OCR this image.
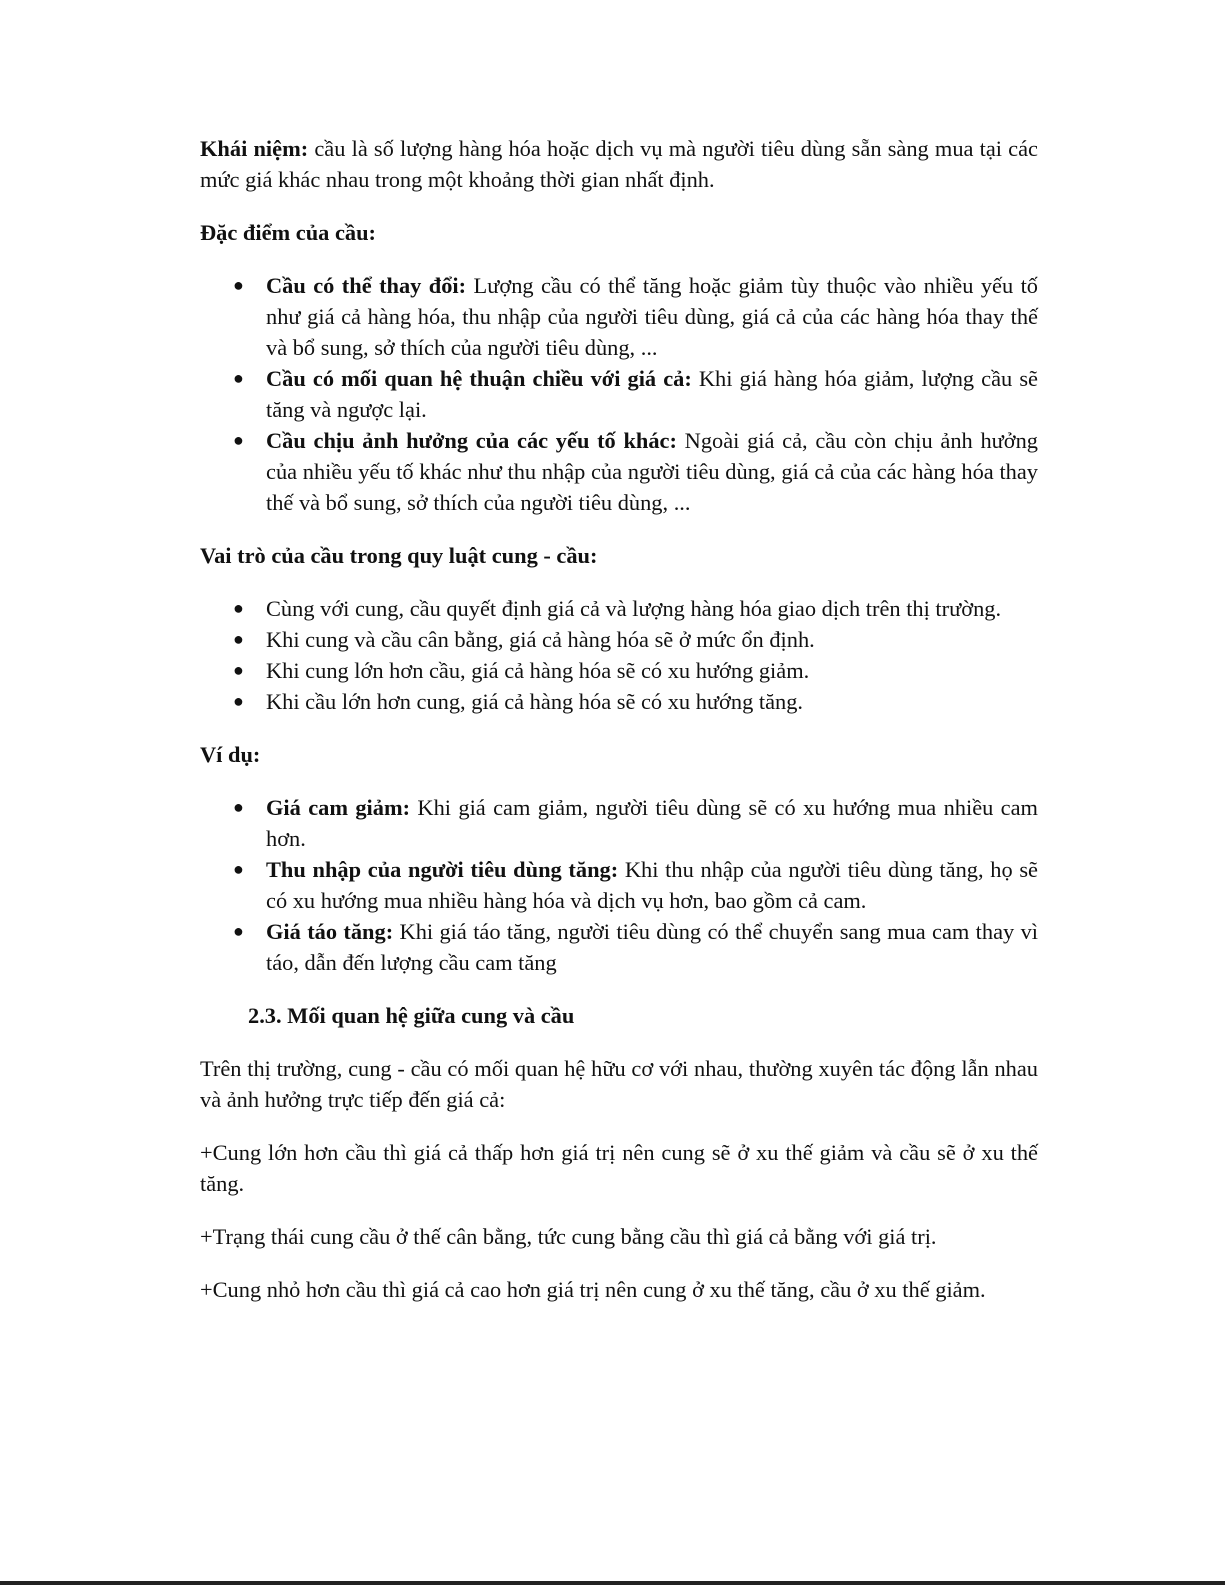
Khái niệm: cầu là số lượng hàng hóa hoặc dịch vụ mà người tiêu dùng sẵn sàng mua tại các mức giá khác nhau trong một khoảng thời gian nhất định.

Đặc điểm của cầu:

● Cầu có thể thay đổi: Lượng cầu có thể tăng hoặc giảm tùy thuộc vào nhiều yếu tố như giá cả hàng hóa, thu nhập của người tiêu dùng, giá cả của các hàng hóa thay thế và bổ sung, sở thích của người tiêu dùng, ...
● Cầu có mối quan hệ thuận chiều với giá cả: Khi giá hàng hóa giảm, lượng cầu sẽ tăng và ngược lại.
● Cầu chịu ảnh hưởng của các yếu tố khác: Ngoài giá cả, cầu còn chịu ảnh hưởng của nhiều yếu tố khác như thu nhập của người tiêu dùng, giá cả của các hàng hóa thay thế và bổ sung, sở thích của người tiêu dùng, ...

Vai trò của cầu trong quy luật cung - cầu:

● Cùng với cung, cầu quyết định giá cả và lượng hàng hóa giao dịch trên thị trường.
● Khi cung và cầu cân bằng, giá cả hàng hóa sẽ ở mức ổn định.
● Khi cung lớn hơn cầu, giá cả hàng hóa sẽ có xu hướng giảm.
● Khi cầu lớn hơn cung, giá cả hàng hóa sẽ có xu hướng tăng.

Ví dụ:

● Giá cam giảm: Khi giá cam giảm, người tiêu dùng sẽ có xu hướng mua nhiều cam hơn.
● Thu nhập của người tiêu dùng tăng: Khi thu nhập của người tiêu dùng tăng, họ sẽ có xu hướng mua nhiều hàng hóa và dịch vụ hơn, bao gồm cả cam.
● Giá táo tăng: Khi giá táo tăng, người tiêu dùng có thể chuyển sang mua cam thay vì táo, dẫn đến lượng cầu cam tăng

2.3. Mối quan hệ giữa cung và cầu

Trên thị trường, cung - cầu có mối quan hệ hữu cơ với nhau, thường xuyên tác động lẫn nhau và ảnh hưởng trực tiếp đến giá cả:

+Cung lớn hơn cầu thì giá cả thấp hơn giá trị nên cung sẽ ở xu thế giảm và cầu sẽ ở xu thế tăng.

+Trạng thái cung cầu ở thế cân bằng, tức cung bằng cầu thì giá cả bằng với giá trị.

+Cung nhỏ hơn cầu thì giá cả cao hơn giá trị nên cung ở xu thế tăng, cầu ở xu thế giảm.
